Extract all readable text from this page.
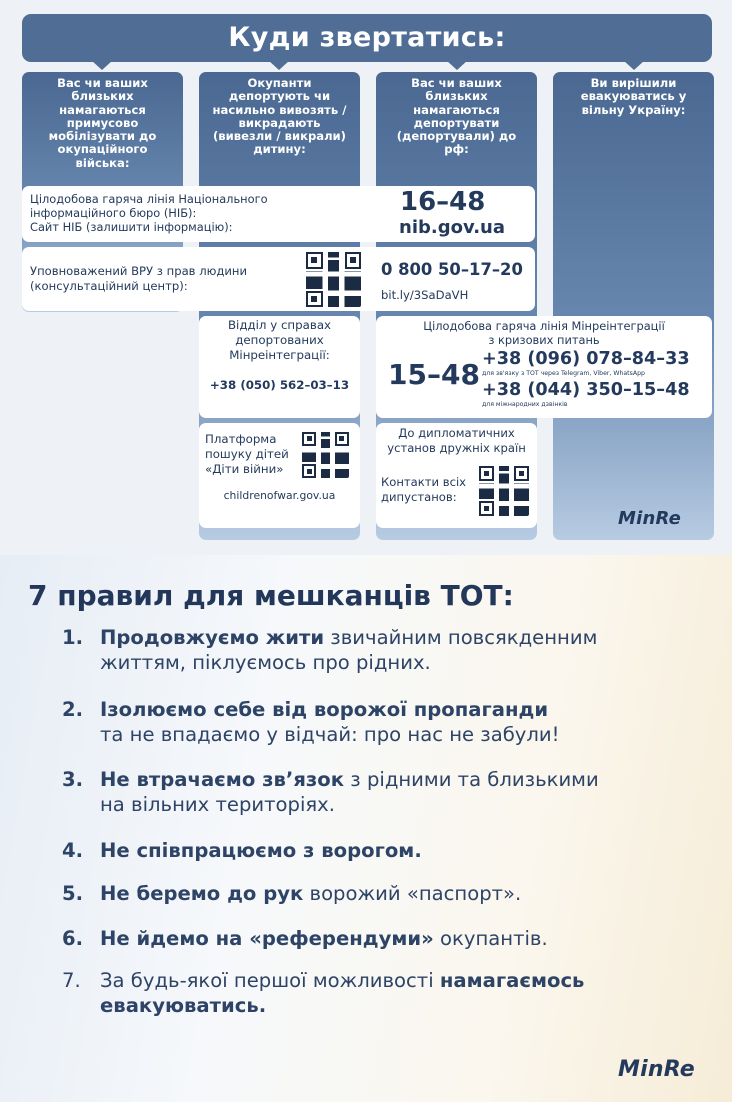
Куди звертатись:
Вас чи ваших близьких намагаються примусово мобілізувати до окупаційного війська:
Окупанти депортують чи насильно вивозять / викрадають (вивезли / викрали) дитину:
Вас чи ваших близьких намагаються депортувати (депортували) до рф:
Ви вирішили евакуюватись у вільну Україну:
Цілодобова гаряча лінія Національного
інформаційного бюро (НІБ):
Сайт НІБ (залишити інформацію):
16–48
nib.gov.ua
Уповноважений ВРУ з прав людини
(консультаційний центр):
0 800 50–17–20
bit.ly/3SaDaVH
Відділ у справах
депортованих
Мінреінтеграції:
+38 (050) 562–03–13
Платформа
пошуку дітей
«Діти війни»
childrenofwar.gov.ua
Цілодобова гаряча лінія Мінреінтеграції
з кризових питань
15–48 +38 (096) 078–84–33
для зв'язку з ТОТ через Telegram, Viber, WhatsApp
+38 (044) 350–15–48
для міжнародних дзвінків
До дипломатичних
установ дружніх країн
Контакти всіх
дипустанов:
MinRe
7 правил для мешканців ТОТ:
1. Продовжуємо жити звичайним повсякденним
життям, піклуємось про рідних.
2. Ізолюємо себе від ворожої пропаганди
та не впадаємо у відчай: про нас не забули!
3. Не втрачаємо зв’язок з рідними та близькими
на вільних територіях.
4. Не співпрацюємо з ворогом.
5. Не беремо до рук ворожий «паспорт».
6. Не йдемо на «референдуми» окупантів.
7. За будь-якої першої можливості намагаємось
евакуюватись.
MinRe
